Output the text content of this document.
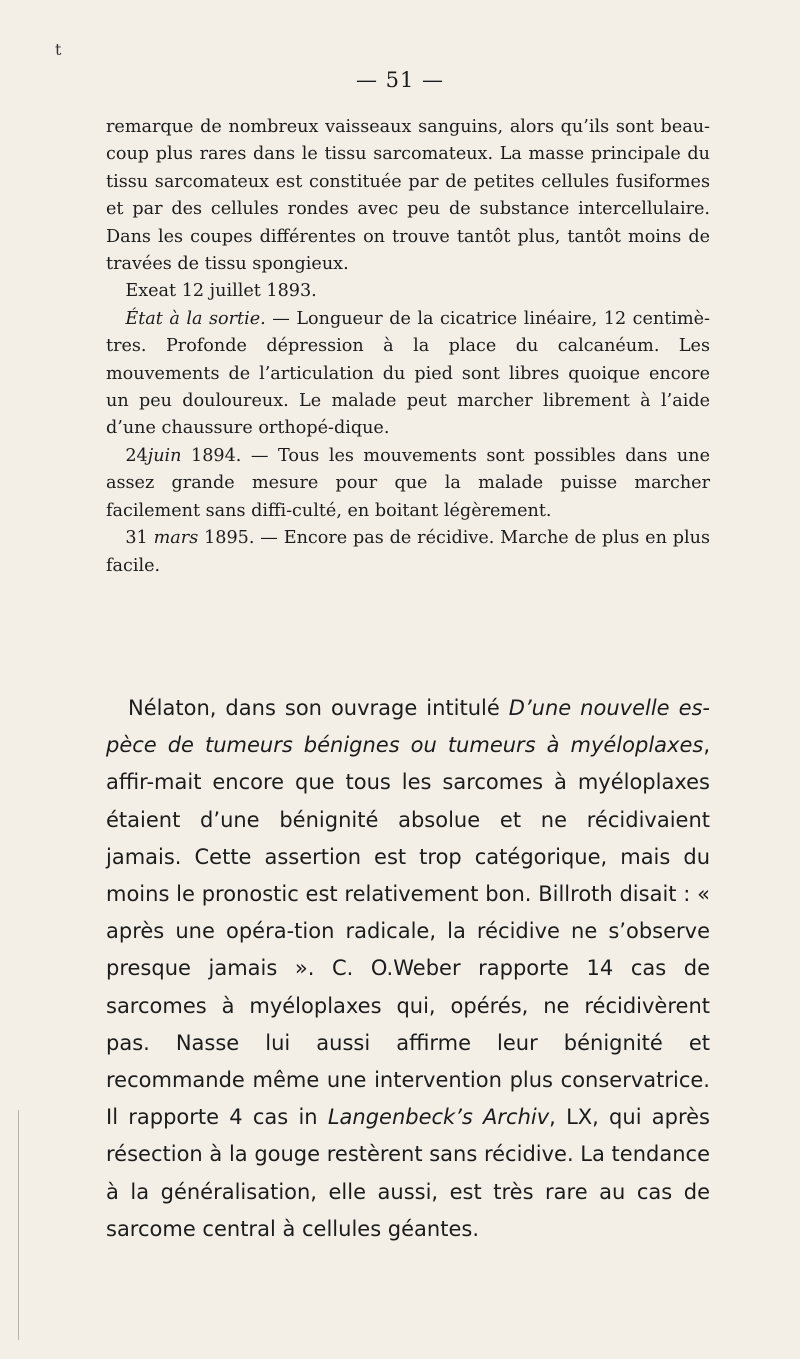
t
— 51 —

remarque de nombreux vaisseaux sanguins, alors qu’ils sont beau-coup plus rares dans le tissu sarcomateux. La masse principale du tissu sarcomateux est constituée par de petites cellules fusiformes et par des cellules rondes avec peu de substance intercellulaire. Dans les coupes différentes on trouve tantôt plus, tantôt moins de travées de tissu spongieux.

Exeat 12 juillet 1893.

État à la sortie. — Longueur de la cicatrice linéaire, 12 centimè-tres. Profonde dépression à la place du calcanéum. Les mouvements de l’articulation du pied sont libres quoique encore un peu douloureux. Le malade peut marcher librement à l’aide d’une chaussure orthopé-dique.

24juin 1894. — Tous les mouvements sont possibles dans une assez grande mesure pour que la malade puisse marcher facilement sans diffi-culté, en boitant légèrement.

31 mars 1895. — Encore pas de récidive. Marche de plus en plus facile.

Nélaton, dans son ouvrage intitulé D’une nouvelle es-pèce de tumeurs bénignes ou tumeurs à myéloplaxes, affir-mait encore que tous les sarcomes à myéloplaxes étaient d’une bénignité absolue et ne récidivaient jamais. Cette assertion est trop catégorique, mais du moins le pronostic est relativement bon. Billroth disait : « après une opéra-tion radicale, la récidive ne s’observe presque jamais ». C. O.Weber rapporte 14 cas de sarcomes à myéloplaxes qui, opérés, ne récidivèrent pas. Nasse lui aussi affirme leur bénignité et recommande même une intervention plus conservatrice. Il rapporte 4 cas in Langenbeck’s Archiv, LX, qui après résection à la gouge restèrent sans récidive. La tendance à la généralisation, elle aussi, est très rare au cas de sarcome central à cellules géantes.
